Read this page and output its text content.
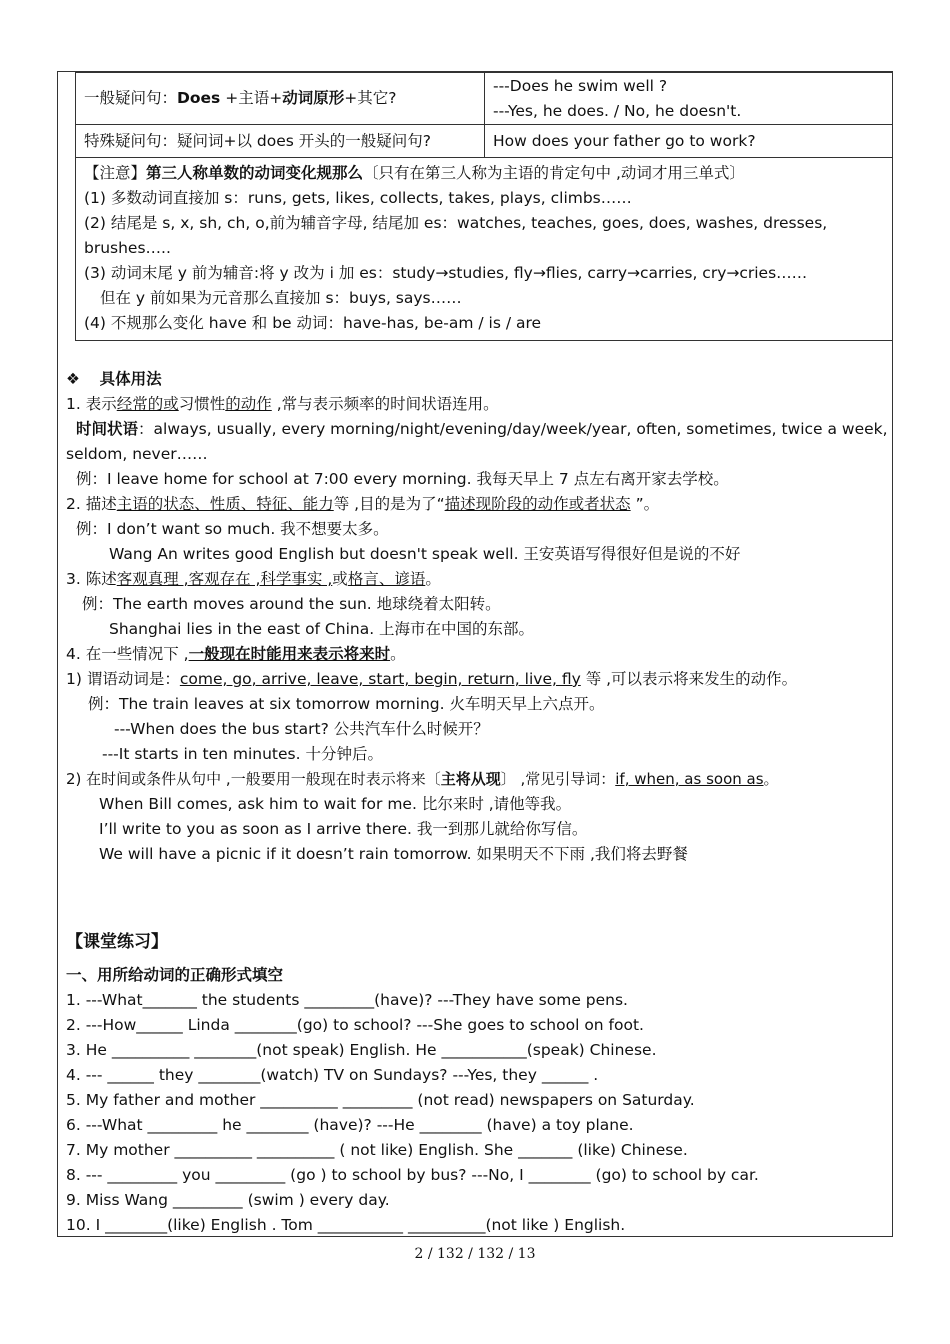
一般疑问句：Does +主语+动词原形+其它?	---Does he swim well ?
---Yes, he does. / No, he doesn't.

特殊疑问句：疑问词+以 does 开头的一般疑问句?	How does your father go to work?
【注意】第三人称单数的动词变化规那么〔只有在第三人称为主语的肯定句中 ,动词才用三单式〕
(1) 多数动词直接加 s：runs, gets, likes, collects, takes, plays, climbs……
(2) 结尾是 s, x, sh, ch, o,前为辅音字母, 结尾加 es：watches, teaches, goes, does, washes, dresses, brushes…..
(3) 动词末尾 y 前为辅音:将 y 改为 i 加 es：study→studies, fly→flies, carry→carries, cry→cries……
但在 y 前如果为元音那么直接加 s：buys, says……
(4) 不规那么变化 have 和 be 动词：have-has, be-am / is / are
❖ 具体用法
1. 表示经常的或习惯性的动作 ,常与表示频率的时间状语连用。
时间状语：always, usually, every morning/night/evening/day/week/year, often, sometimes, twice a week, seldom, never……
例：I leave home for school at 7:00 every morning. 我每天早上 7 点左右离开家去学校。
2. 描述主语的状态、性质、特征、能力等 ,目的是为了“描述现阶段的动作或者状态 ”。
例：I don’t want so much. 我不想要太多。
Wang An writes good English but doesn't speak well. 王安英语写得很好但是说的不好
3. 陈述客观真理 ,客观存在 ,科学事实 ,或格言、谚语。
例：The earth moves around the sun. 地球绕着太阳转。
Shanghai lies in the east of China. 上海市在中国的东部。
4. 在一些情况下 ,一般现在时能用来表示将来时。
1) 谓语动词是：come, go, arrive, leave, start, begin, return, live, fly 等 ,可以表示将来发生的动作。
例：The train leaves at six tomorrow morning. 火车明天早上六点开。
---When does the bus start? 公共汽车什么时候开？
---It starts in ten minutes. 十分钟后。
2) 在时间或条件从句中 ,一般要用一般现在时表示将来〔主将从现〕 ,常见引导词：if, when, as soon as。
When Bill comes, ask him to wait for me. 比尔来时 ,请他等我。
I’ll write to you as soon as I arrive there. 我一到那儿就给你写信。
We will have a picnic if it doesn’t rain tomorrow. 如果明天不下雨 ,我们将去野餐
【课堂练习】
一、用所给动词的正确形式填空
1. ---What_______ the students _________(have)? ---They have some pens.
2. ---How______ Linda ________(go) to school? ---She goes to school on foot.
3. He __________ ________(not speak) English. He ___________(speak) Chinese.
4. --- ______ they ________(watch) TV on Sundays? ---Yes, they ______ .
5. My father and mother __________ _________ (not read) newspapers on Saturday.
6. ---What _________ he ________ (have)? ---He ________ (have) a toy plane.
7. My mother __________ __________ ( not like) English. She _______ (like) Chinese.
8. --- _________ you _________ (go ) to school by bus? ---No, I ________ (go) to school by car.
9. Miss Wang _________ (swim ) every day.
10. I ________(like) English . Tom ___________ __________(not like ) English.
2 / 132 / 132 / 13
